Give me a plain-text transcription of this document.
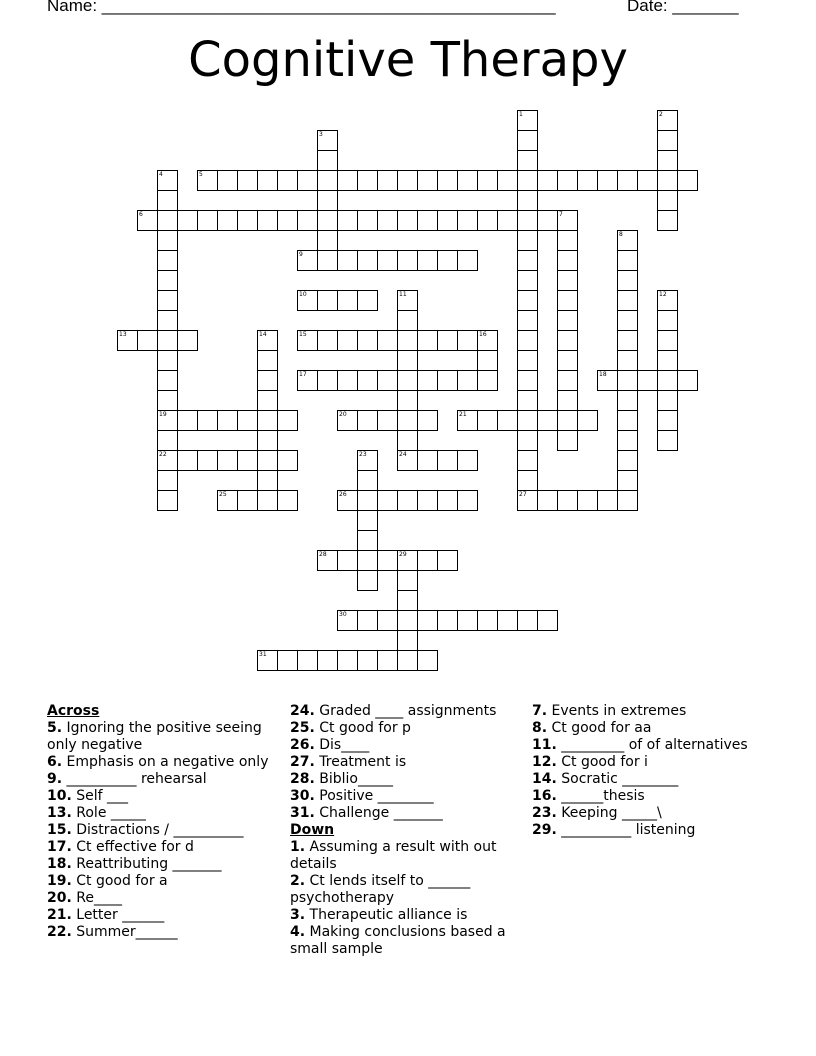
Name: ________________________________________________	Date: _______
Cognitive Therapy
5
6
9
10
13	15	16
17	18
19	20	21
22	24
25	26	27
28	29
30
31
1	2
3
4
7
8
11	12
14
23
Across
5. Ignoring the positive seeing only negative
6. Emphasis on a negative only
9. __________ rehearsal
10. Self ___
13. Role _____
15. Distractions / __________
17. Ct effective for d
18. Reattributing _______
19. Ct good for a
20. Re____
21. Letter ______
22. Summer______
24. Graded ____ assignments
25. Ct good for p
26. Dis____
27. Treatment is
28. Biblio_____
30. Positive ________
31. Challenge _______
Down
1. Assuming a result with out details
2. Ct lends itself to ______ psychotherapy
3. Therapeutic alliance is
4. Making conclusions based a small sample
7. Events in extremes
8. Ct good for aa
11. _________ of of alternatives
12. Ct good for i
14. Socratic ________
16. ______thesis
23. Keeping _____\
29. __________ listening
